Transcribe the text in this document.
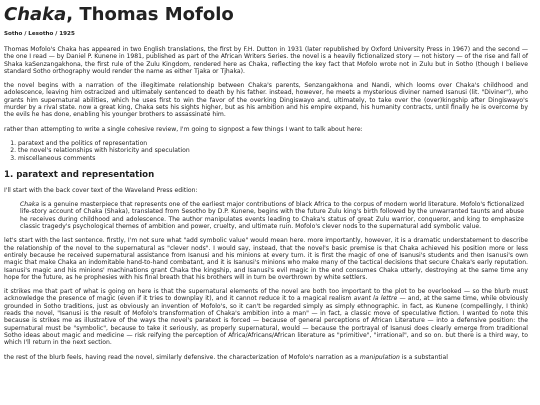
Chaka, Thomas Mofolo
Sotho / Lesotho / 1925

Thomas Mofolo's Chaka has appeared in two English translations, the first by F.H. Dutton in 1931 (later republished by Oxford University Press in 1967) and the second — the one I read — by Daniel P. Kunene in 1981, published as part of the African Writers Series. the novel is a heavily fictionalized story — not history — of the rise and fall of Shaka kaSenzangakhona, the first rule of the Zulu Kingdom, rendered here as Chaka, reflecting the key fact that Mofolo wrote not in Zulu but in Sotho (though I believe standard Sotho orthography would render the name as either Tjaka or Tjhaka).

the novel begins with a narration of the illegitimate relationship between Chaka's parents, Senzangakhona and Nandi, which looms over Chaka's childhood and adolescence, leaving him ostracized and ultimately sentenced to death by his father. instead, however, he meets a mysterious diviner named Isanusi (lit. "Diviner"), who grants him supernatural abilities, which he uses first to win the favor of the overking Dingiswayo and, ultimately, to take over the (over)kingship after Dingiswayo's murder by a rival state. now a great king, Chaka sets his sights higher, but as his ambition and his empire expand, his humanity contracts, until finally he is overcome by the evils he has done, enabling his younger brothers to assassinate him.

rather than attempting to write a single cohesive review, I'm going to signpost a few things I want to talk about here:

1. paratext and the politics of representation
2. the novel's relationships with historicity and speculation
3. miscellaneous comments
1. paratext and representation

I'll start with the back cover text of the Waveland Press edition:

Chaka is a genuine masterpiece that represents one of the earliest major contributions of black Africa to the corpus of modern world literature. Mofolo's fictionalized life-story account of Chaka (Shaka), translated from Sesotho by D.P. Kunene, begins with the future Zulu king's birth followed by the unwarranted taunts and abuse he receives during childhood and adolescence. The author manipulates events leading to Chaka's status of great Zulu warrior, conqueror, and king to emphasize classic tragedy's psychological themes of ambition and power, cruelty, and ultimate ruin. Mofolo's clever nods to the supernatural add symbolic value.

let's start with the last sentence. firstly, I'm not sure what "add symbolic value" would mean here. more importantly, however, it is a dramatic understatement to describe the relationship of the novel to the supernatural as "clever nods". I would say, instead, that the novel's basic premise is that Chaka achieved his position more or less entirely because he received supernatural assistance from Isanusi and his minions at every turn. it is first the magic of one of Isanusi's students and then Isanusi's own magic that make Chaka an indomitable hand-to-hand combatant, and it is Isanusi's minions who make many of the tactical decisions that secure Chaka's early reputation. Isanusi's magic and his minions' machinations grant Chaka the kingship, and Isanusi's evil magic in the end consumes Chaka utterly, destroying at the same time any hope for the future, as he prophesies with his final breath that his brothers will in turn be overthrown by white settlers.

it strikes me that part of what is going on here is that the supernatural elements of the novel are both too important to the plot to be overlooked — so the blurb must acknowledge the presence of magic (even if it tries to downplay it), and it cannot reduce it to a magical realism avant la lettre — and, at the same time, while obviously grounded in Sotho traditions, just as obviously an invention of Mofolo's, so it can't be regarded simply as simply ethnographic. in fact, as Kunene (compellingly, I think) reads the novel, "Isanusi is the result of Mofolo's transformation of Chaka's ambition into a man" — in fact, a classic move of speculative fiction. I wanted to note this because is strikes me as illustrative of the ways the novel's paratext is forced — because of general perceptions of African Literature — into a defensive position: the supernatural must be "symbolic", because to take it seriously, as properly supernatural, would — because the portrayal of Isanusi does clearly emerge from traditional Sotho ideas about magic and medicine — risk reifying the perception of Africa/Africans/African literature as "primitive", "irrational", and so on. but there is a third way, to which I'll return in the next section.

the rest of the blurb feels, having read the novel, similarly defensive. the characterization of Mofolo's narration as a manipulation is a substantial
